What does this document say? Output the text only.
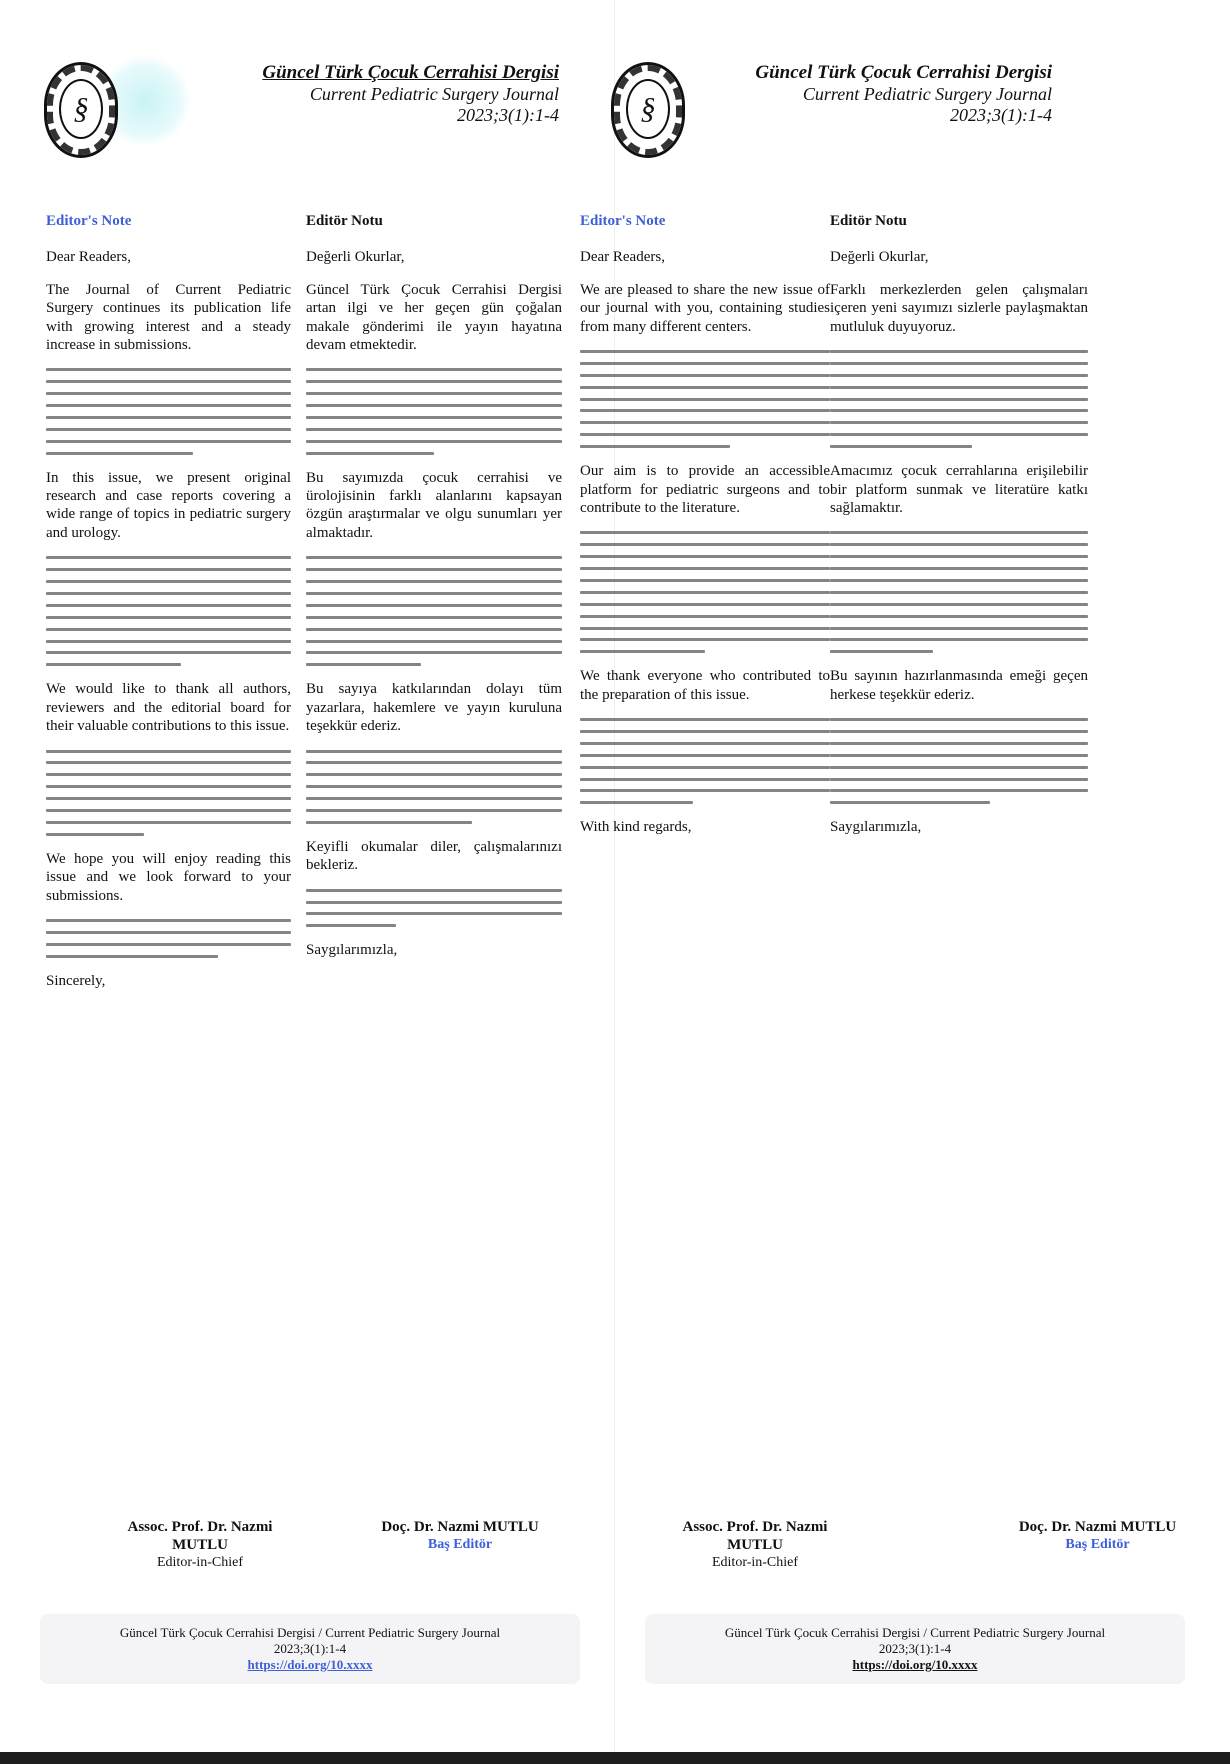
§
Güncel Türk Çocuk Cerrahisi Dergisi
Current Pediatric Surgery Journal
2023;3(1):1-4
Editor's Note
Dear Readers,

The Journal of Current Pediatric Surgery continues its publication life with growing interest and a steady increase in submissions.

In this issue, we present original research and case reports covering a wide range of topics in pediatric surgery and urology.

We would like to thank all authors, reviewers and the editorial board for their valuable contributions to this issue.

We hope you will enjoy reading this issue and we look forward to your submissions.

Sincerely,
Editör Notu
Değerli Okurlar,

Güncel Türk Çocuk Cerrahisi Dergisi artan ilgi ve her geçen gün çoğalan makale gönderimi ile yayın hayatına devam etmektedir.

Bu sayımızda çocuk cerrahisi ve ürolojisinin farklı alanlarını kapsayan özgün araştırmalar ve olgu sunumları yer almaktadır.

Bu sayıya katkılarından dolayı tüm yazarlara, hakemlere ve yayın kuruluna teşekkür ederiz.

Keyifli okumalar diler, çalışmalarınızı bekleriz.

Saygılarımızla,
Assoc. Prof. Dr. Nazmi MUTLU
Editor-in-Chief
Doç. Dr. Nazmi MUTLU
Baş Editör
Güncel Türk Çocuk Cerrahisi Dergisi / Current Pediatric Surgery Journal
2023;3(1):1-4
https://doi.org/10.xxxx
§
Güncel Türk Çocuk Cerrahisi Dergisi
Current Pediatric Surgery Journal
2023;3(1):1-4
Editor's Note
Dear Readers,

We are pleased to share the new issue of our journal with you, containing studies from many different centers.

Our aim is to provide an accessible platform for pediatric surgeons and to contribute to the literature.

We thank everyone who contributed to the preparation of this issue.

With kind regards,
Editör Notu
Değerli Okurlar,

Farklı merkezlerden gelen çalışmaları içeren yeni sayımızı sizlerle paylaşmaktan mutluluk duyuyoruz.

Amacımız çocuk cerrahlarına erişilebilir bir platform sunmak ve literatüre katkı sağlamaktır.

Bu sayının hazırlanmasında emeği geçen herkese teşekkür ederiz.

Saygılarımızla,
Assoc. Prof. Dr. Nazmi MUTLU
Editor-in-Chief
Doç. Dr. Nazmi MUTLU
Baş Editör
Güncel Türk Çocuk Cerrahisi Dergisi / Current Pediatric Surgery Journal
2023;3(1):1-4
https://doi.org/10.xxxx
